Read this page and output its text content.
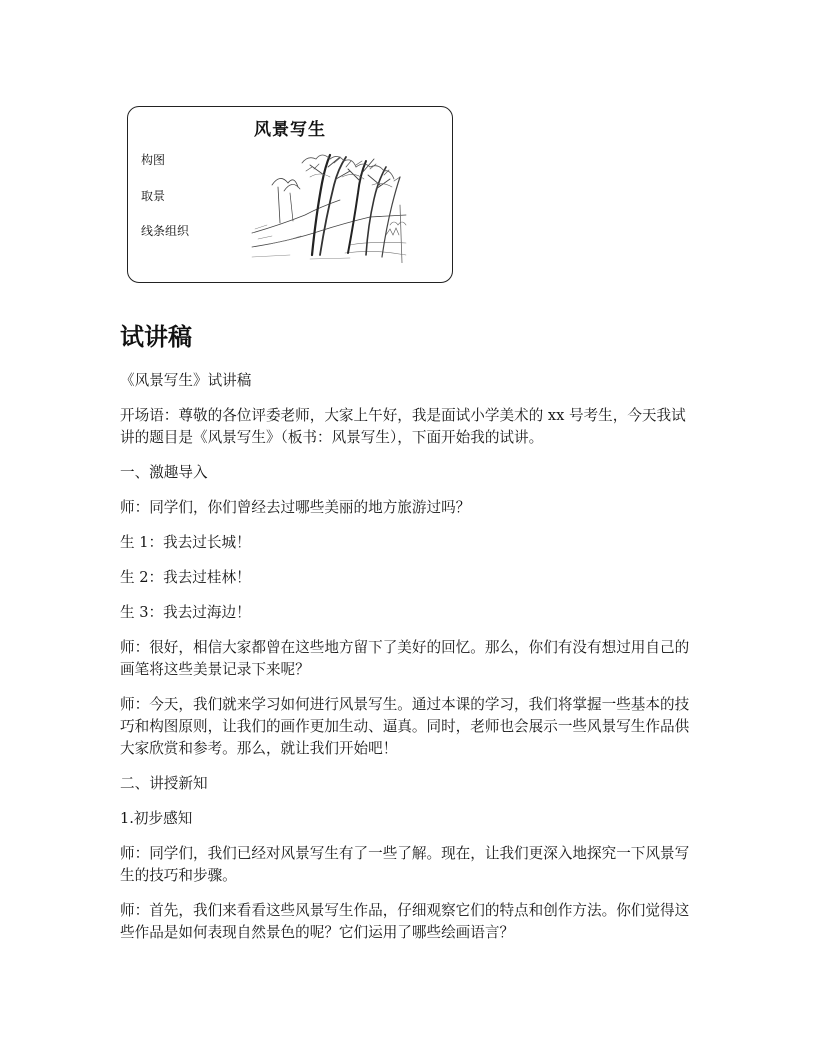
风景写生
构图
取景
线条组织
试讲稿

《风景写生》试讲稿

开场语：尊敬的各位评委老师，大家上午好，我是面试小学美术的 xx 号考生，今天我试讲的题目是《风景写生》（板书：风景写生），下面开始我的试讲。

一、激趣导入

师：同学们，你们曾经去过哪些美丽的地方旅游过吗？

生 1：我去过长城！

生 2：我去过桂林！

生 3：我去过海边！

师：很好，相信大家都曾在这些地方留下了美好的回忆。那么，你们有没有想过用自己的画笔将这些美景记录下来呢？

师：今天，我们就来学习如何进行风景写生。通过本课的学习，我们将掌握一些基本的技巧和构图原则，让我们的画作更加生动、逼真。同时，老师也会展示一些风景写生作品供大家欣赏和参考。那么，就让我们开始吧！

二、讲授新知

1.初步感知

师：同学们，我们已经对风景写生有了一些了解。现在，让我们更深入地探究一下风景写生的技巧和步骤。

师：首先，我们来看看这些风景写生作品，仔细观察它们的特点和创作方法。你们觉得这些作品是如何表现自然景色的呢？它们运用了哪些绘画语言？
